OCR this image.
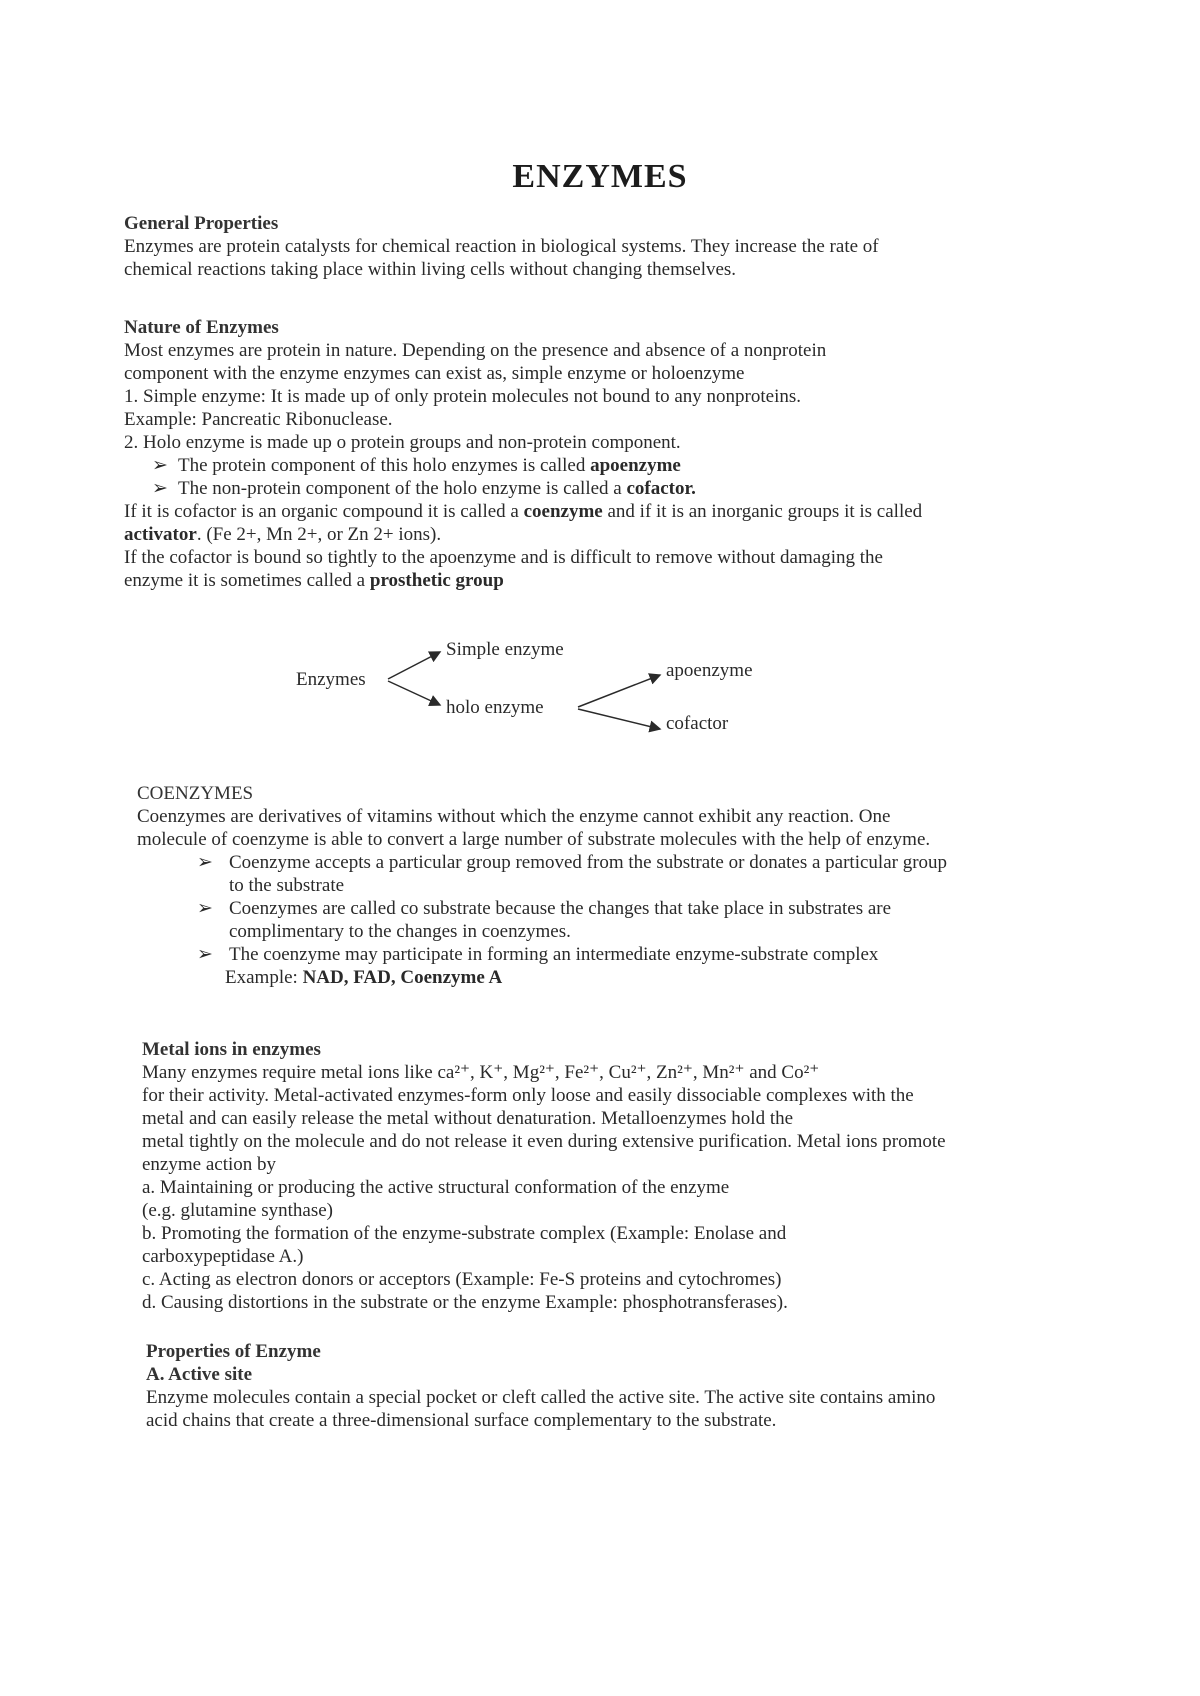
ENZYMES
General Properties
Enzymes are protein catalysts for chemical reaction in biological systems. They increase the rate of
chemical reactions taking place within living cells without changing themselves.
Nature of Enzymes
Most enzymes are protein in nature. Depending on the presence and absence of a nonprotein
component with the enzyme enzymes can exist as, simple enzyme or holoenzyme
1. Simple enzyme: It is made up of only protein molecules not bound to any nonproteins.
Example: Pancreatic Ribonuclease.
2. Holo enzyme is made up o protein groups and non-protein component.
➢ The protein component of this holo enzymes is called apoenzyme
➢ The non-protein component of the holo enzyme is called a cofactor.
If it is cofactor is an organic compound it is called a coenzyme and if it is an inorganic groups it is called
activator. (Fe 2+, Mn 2+, or Zn 2+ ions).
If the cofactor is bound so tightly to the apoenzyme and is difficult to remove without damaging the
enzyme it is sometimes called a prosthetic group
Enzymes
Simple enzyme
holo enzyme
apoenzyme
cofactor
COENZYMES
Coenzymes are derivatives of vitamins without which the enzyme cannot exhibit any reaction. One
molecule of coenzyme is able to convert a large number of substrate molecules with the help of enzyme.
➢ Coenzyme accepts a particular group removed from the substrate or donates a particular group
to the substrate
➢ Coenzymes are called co substrate because the changes that take place in substrates are
complimentary to the changes in coenzymes.
➢ The coenzyme may participate in forming an intermediate enzyme-substrate complex
Example: NAD, FAD, Coenzyme A
Metal ions in enzymes
Many enzymes require metal ions like ca²⁺, K⁺, Mg²⁺, Fe²⁺, Cu²⁺, Zn²⁺, Mn²⁺ and Co²⁺
for their activity. Metal-activated enzymes-form only loose and easily dissociable complexes with the
metal and can easily release the metal without denaturation. Metalloenzymes hold the
metal tightly on the molecule and do not release it even during extensive purification. Metal ions promote
enzyme action by
a. Maintaining or producing the active structural conformation of the enzyme
(e.g. glutamine synthase)
b. Promoting the formation of the enzyme-substrate complex (Example: Enolase and
carboxypeptidase A.)
c. Acting as electron donors or acceptors (Example: Fe-S proteins and cytochromes)
d. Causing distortions in the substrate or the enzyme Example: phosphotransferases).
Properties of Enzyme
A. Active site
Enzyme molecules contain a special pocket or cleft called the active site. The active site contains amino
acid chains that create a three-dimensional surface complementary to the substrate.
